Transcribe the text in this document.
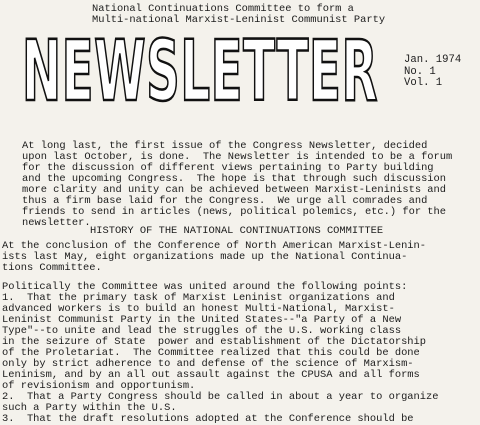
National Continuations Committee to form a
Multi-national Marxist-Leninist Communist Party
NEWSLETTER Jan. 1974
No. 1
Vol. 1
At long last, the first issue of the Congress Newsletter, decided
upon last October, is done.  The Newsletter is intended to be a forum
for the discussion of different views pertaining to Party building
and the upcoming Congress.  The hope is that through such discussion
more clarity and unity can be achieved between Marxist-Leninists and
thus a firm base laid for the Congress.  We urge all comrades and
friends to send in articles (news, political polemics, etc.) for the
newsletter.
HISTORY OF THE NATIONAL CONTINUATIONS COMMITTEE
At the conclusion of the Conference of North American Marxist-Lenin-
ists last May, eight organizations made up the National Continua-
tions Committee.
Politically the Committee was united around the following points:
1.  That the primary task of Marxist Leninist organizations and
advanced workers is to build an honest Multi-National, Marxist-
Leninist Communist Party in the United States--"a Party of a New
Type"--to unite and lead the struggles of the U.S. working class
in the seizure of State  power and establishment of the Dictatorship
of the Proletariat.  The Committee realized that this could be done
only by strict adherence to and defense of the science of Marxism-
Leninism, and by an all out assault against the CPUSA and all forms
of revisionism and opportunism.
2.  That a Party Congress should be called in about a year to organize
such a Party within the U.S.
3.  That the draft resolutions adopted at the Conference should be
